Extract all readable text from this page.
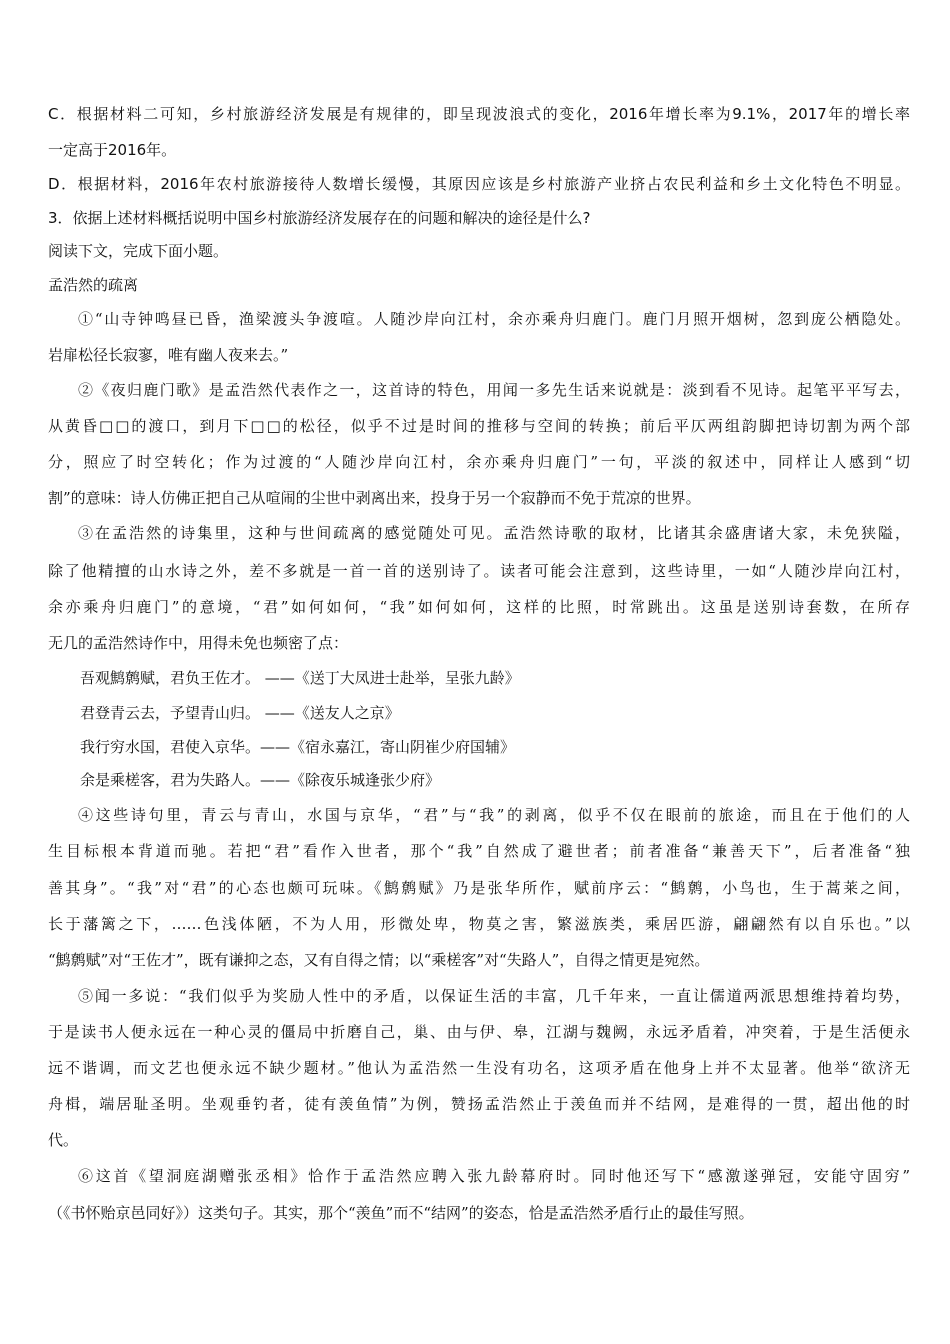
C．根据材料二可知，乡村旅游经济发展是有规律的，即呈现波浪式的变化，2016年增长率为9.1%，2017年的增长率

一定高于2016年。

D．根据材料，2016年农村旅游接待人数增长缓慢，其原因应该是乡村旅游产业挤占农民利益和乡土文化特色不明显。

3．依据上述材料概括说明中国乡村旅游经济发展存在的问题和解决的途径是什么?

阅读下文，完成下面小题。

孟浩然的疏离

①“山寺钟鸣昼已昏，渔梁渡头争渡喧。人随沙岸向江村，余亦乘舟归鹿门。鹿门月照开烟树，忽到庞公栖隐处。

岩扉松径长寂寥，唯有幽人夜来去。”

②《夜归鹿门歌》是孟浩然代表作之一，这首诗的特色，用闻一多先生话来说就是：淡到看不见诗。起笔平平写去，

从黄昏□□的渡口，到月下□□的松径，似乎不过是时间的推移与空间的转换；前后平仄两组韵脚把诗切割为两个部

分，照应了时空转化；作为过渡的“人随沙岸向江村，余亦乘舟归鹿门”一句，平淡的叙述中，同样让人感到“切

割”的意味：诗人仿佛正把自己从喧闹的尘世中剥离出来，投身于另一个寂静而不免于荒凉的世界。

③在孟浩然的诗集里，这种与世间疏离的感觉随处可见。孟浩然诗歌的取材，比诸其余盛唐诸大家，未免狭隘，

除了他精擅的山水诗之外，差不多就是一首一首的送别诗了。读者可能会注意到，这些诗里，一如“人随沙岸向江村，

余亦乘舟归鹿门”的意境，“君”如何如何，“我”如何如何，这样的比照，时常跳出。这虽是送别诗套数，在所存

无几的孟浩然诗作中，用得未免也频密了点：

吾观鹪鹩赋，君负王佐才。 ——《送丁大凤进士赴举，呈张九龄》

君登青云去，予望青山归。 ——《送友人之京》

我行穷水国，君使入京华。——《宿永嘉江，寄山阴崔少府国辅》

余是乘槎客，君为失路人。——《除夜乐城逢张少府》

④这些诗句里，青云与青山，水国与京华，“君”与“我”的剥离，似乎不仅在眼前的旅途，而且在于他们的人

生目标根本背道而驰。若把“君”看作入世者，那个“我”自然成了避世者；前者准备“兼善天下”，后者准备“独

善其身”。“我”对“君”的心态也颇可玩味。《鹪鹩赋》乃是张华所作，赋前序云：“鹪鹩，小鸟也，生于蒿莱之间，

长于藩篱之下，……色浅体陋，不为人用，形微处卑，物莫之害，繁滋族类，乘居匹游，翩翩然有以自乐也。”以

“鹪鹩赋”对“王佐才”，既有谦抑之态，又有自得之情；以“乘槎客”对“失路人”，自得之情更是宛然。

⑤闻一多说：“我们似乎为奖励人性中的矛盾，以保证生活的丰富，几千年来，一直让儒道两派思想维持着均势，

于是读书人便永远在一种心灵的僵局中折磨自己，巢、由与伊、皋，江湖与魏阙，永远矛盾着，冲突着，于是生活便永

远不谐调，而文艺也便永远不缺少题材。”他认为孟浩然一生没有功名，这项矛盾在他身上并不太显著。他举“欲济无

舟楫，端居耻圣明。坐观垂钓者，徒有羡鱼情”为例，赞扬孟浩然止于羡鱼而并不结网，是难得的一贯，超出他的时

代。

⑥这首《望洞庭湖赠张丞相》恰作于孟浩然应聘入张九龄幕府时。同时他还写下“感激遂弹冠，安能守固穷”

（《书怀贻京邑同好》）这类句子。其实，那个“羡鱼”而不“结网”的姿态，恰是孟浩然矛盾行止的最佳写照。
